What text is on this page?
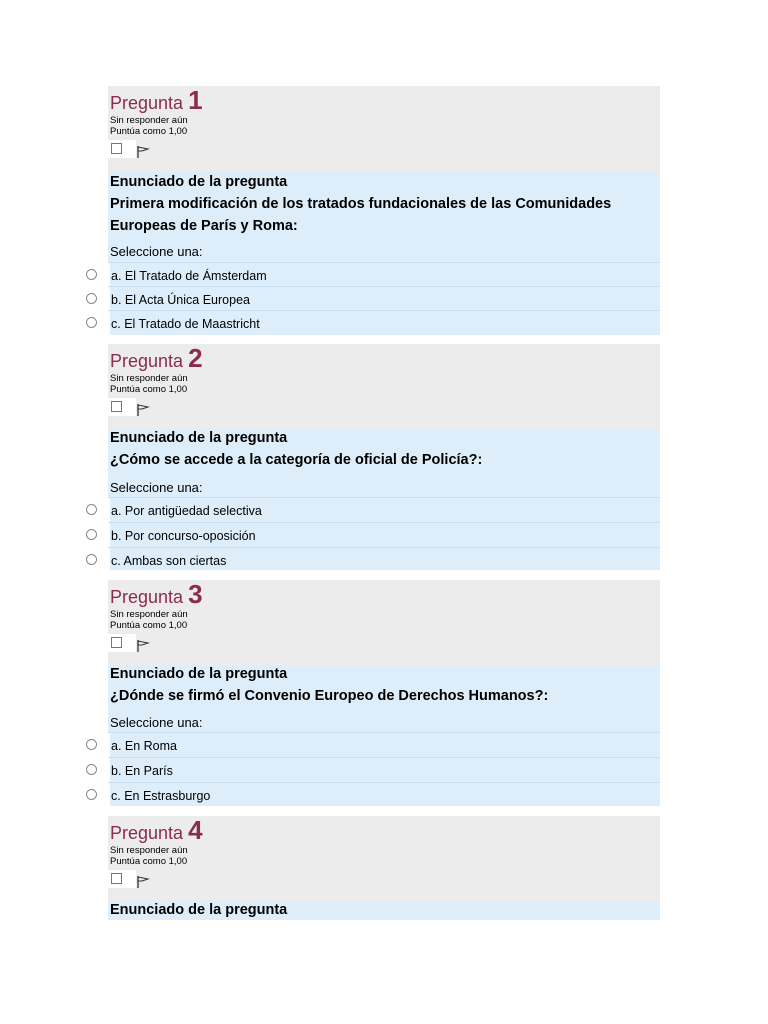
Pregunta 1
Sin responder aún
Puntúa como 1,00
Enunciado de la pregunta
Primera modificación de los tratados fundacionales de las Comunidades Europeas de París y Roma:
Seleccione una:
a. El Tratado de Ámsterdam
b. El Acta Única Europea
c. El Tratado de Maastricht
Pregunta 2
Sin responder aún
Puntúa como 1,00
Enunciado de la pregunta
¿Cómo se accede a la categoría de oficial de Policía?:
Seleccione una:
a. Por antigüedad selectiva
b. Por concurso-oposición
c. Ambas son ciertas
Pregunta 3
Sin responder aún
Puntúa como 1,00
Enunciado de la pregunta
¿Dónde se firmó el Convenio Europeo de Derechos Humanos?:
Seleccione una:
a. En Roma
b. En París
c. En Estrasburgo
Pregunta 4
Sin responder aún
Puntúa como 1,00
Enunciado de la pregunta
